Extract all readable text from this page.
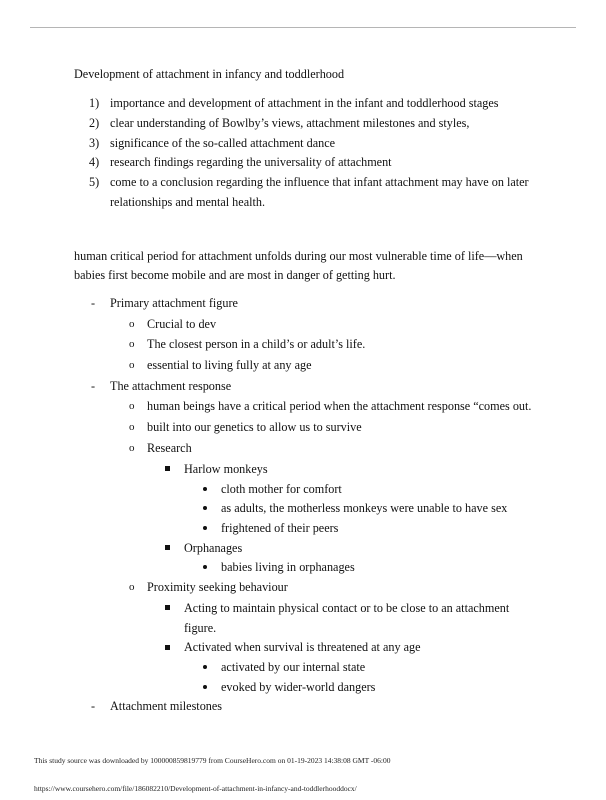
Development of attachment in infancy and toddlerhood
1) importance and development of attachment in the infant and toddlerhood stages
2) clear understanding of Bowlby’s views, attachment milestones and styles,
3) significance of the so-called attachment dance
4) research findings regarding the universality of attachment
5) come to a conclusion regarding the influence that infant attachment may have on later
relationships and mental health.
human critical period for attachment unfolds during our most vulnerable time of life—when
babies first become mobile and are most in danger of getting hurt.
- Primary attachment figure
o Crucial to dev
o The closest person in a child’s or adult’s life.
o essential to living fully at any age
- The attachment response
o human beings have a critical period when the attachment response “comes out.
o built into our genetics to allow us to survive
o Research
Harlow monkeys
cloth mother for comfort
as adults, the motherless monkeys were unable to have sex
frightened of their peers
Orphanages
babies living in orphanages
o Proximity seeking behaviour
Acting to maintain physical contact or to be close to an attachment
figure.
Activated when survival is threatened at any age
activated by our internal state
evoked by wider-world dangers
- Attachment milestones
This study source was downloaded by 100000859819779 from CourseHero.com on 01-19-2023 14:38:08 GMT -06:00
https://www.coursehero.com/file/186082210/Development-of-attachment-in-infancy-and-toddlerhooddocx/
